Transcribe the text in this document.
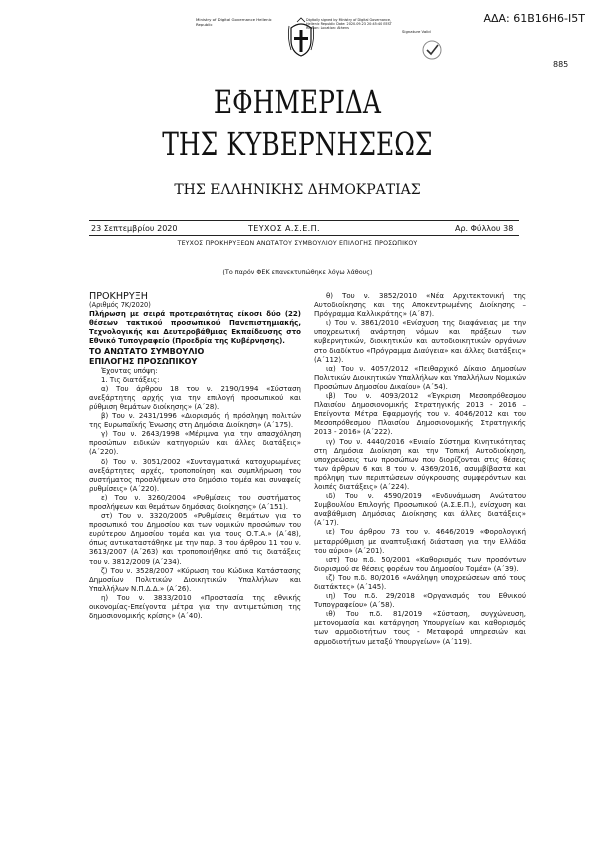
ΑΔΑ: 61Β16Η6-Ι5Τ
885
Ministry of Digital Governance Hellenic Republic
Digitally signed by Ministry of Digital Governance, Hellenic Republic Date: 2020.09.23 20:45:40 EEST Reason: Location: Athens
Signature Valid
ΕΦΗΜΕΡΙΔΑ
ΤΗΣ ΚΥΒΕΡΝΗΣΕΩΣ
ΤΗΣ ΕΛΛΗΝΙΚΗΣ ΔΗΜΟΚΡΑΤΙΑΣ
23 Σεπτεμβρίου 2020	ΤΕΥΧΟΣ Α.Σ.Ε.Π.	Αρ. Φύλλου 38
ΤΕΥΧΟΣ ΠΡΟΚΗΡΥΞΕΩΝ ΑΝΩΤΑΤΟΥ ΣΥΜΒΟΥΛΙΟΥ ΕΠΙΛΟΓΗΣ ΠΡΟΣΩΠΙΚΟΥ
(Το παρόν ΦΕΚ επανεκτυπώθηκε λόγω λάθους)

ΠΡΟΚΗΡΥΞΗ

(Αριθμός 7Κ/2020)

Πλήρωση με σειρά προτεραιότητας είκοσι δύο (22) θέσεων τακτικού προσωπικού Πανεπιστημιακής, Τεχνολογικής και Δευτεροβάθμιας Εκπαίδευσης στο Εθνικό Τυπογραφείο (Προεδρία της Κυβέρνησης).

ΤΟ ΑΝΩΤΑΤΟ ΣΥΜΒΟΥΛΙΟ

ΕΠΙΛΟΓΗΣ ΠΡΟΣΩΠΙΚΟΥ

Έχοντας υπόψη:

1. Τις διατάξεις:

α) Του άρθρου 18 του ν. 2190/1994 «Σύσταση ανεξάρτητης αρχής για την επιλογή προσωπικού και ρύθμιση θεμάτων διοίκησης» (Α΄28).

β) Του ν. 2431/1996 «Διορισμός ή πρόσληψη πολιτών της Ευρωπαϊκής Ένωσης στη Δημόσια Διοίκηση» (Α΄175).

γ) Του ν. 2643/1998 «Μέριμνα για την απασχόληση προσώπων ειδικών κατηγοριών και άλλες διατάξεις» (Α΄220).

δ) Του ν. 3051/2002 «Συνταγματικά κατοχυρωμένες ανεξάρτητες αρχές, τροποποίηση και συμπλήρωση του συστήματος προσλήψεων στο δημόσιο τομέα και συναφείς ρυθμίσεις» (Α΄220).

ε) Του ν. 3260/2004 «Ρυθμίσεις του συστήματος προσλήψεων και θεμάτων δημόσιας διοίκησης» (Α΄151).

στ) Του ν. 3320/2005 «Ρυθμίσεις θεμάτων για το προσωπικό του Δημοσίου και των νομικών προσώπων του ευρύτερου Δημοσίου τομέα και για τους Ο.Τ.Α.» (Α΄48), όπως αντικαταστάθηκε με την παρ. 3 του άρθρου 11 του ν. 3613/2007 (Α΄263) και τροποποιήθηκε από τις διατάξεις του ν. 3812/2009 (Α΄234).

ζ) Του ν. 3528/2007 «Κύρωση του Κώδικα Κατάστασης Δημοσίων Πολιτικών Διοικητικών Υπαλλήλων και Υπαλλήλων Ν.Π.Δ.Δ.» (Α΄26).

η) Του ν. 3833/2010 «Προστασία της εθνικής οικονομίας-Επείγοντα μέτρα για την αντιμετώπιση της δημοσιονομικής κρίσης» (Α΄40).

θ) Του ν. 3852/2010 «Νέα Αρχιτεκτονική της Αυτοδιοίκησης και της Αποκεντρωμένης Διοίκησης – Πρόγραμμα Καλλικράτης» (Α΄87).

ι) Του ν. 3861/2010 «Ενίσχυση της διαφάνειας με την υποχρεωτική ανάρτηση νόμων και πράξεων των κυβερνητικών, διοικητικών και αυτοδιοικητικών οργάνων στο διαδίκτυο «Πρόγραμμα Διαύγεια» και άλλες διατάξεις» (Α΄112).

ια) Του ν. 4057/2012 «Πειθαρχικό Δίκαιο Δημοσίων Πολιτικών Διοικητικών Υπαλλήλων και Υπαλλήλων Νομικών Προσώπων Δημοσίου Δικαίου» (Α΄54).

ιβ) Του ν. 4093/2012 «Έγκριση Μεσοπρόθεσμου Πλαισίου Δημοσιονομικής Στρατηγικής 2013 - 2016 – Επείγοντα Μέτρα Εφαρμογής του ν. 4046/2012 και του Μεσοπρόθεσμου Πλαισίου Δημοσιονομικής Στρατηγικής 2013 - 2016» (Α΄222).

ιγ) Του ν. 4440/2016 «Ενιαίο Σύστημα Κινητικότητας στη Δημόσια Διοίκηση και την Τοπική Αυτοδιοίκηση, υποχρεώσεις των προσώπων που διορίζονται στις θέσεις των άρθρων 6 και 8 του ν. 4369/2016, ασυμβίβαστα και πρόληψη των περιπτώσεων σύγκρουσης συμφερόντων και λοιπές διατάξεις» (Α΄224).

ιδ) Του ν. 4590/2019 «Ενδυνάμωση Ανώτατου Συμβουλίου Επιλογής Προσωπικού (Α.Σ.Ε.Π.), ενίσχυση και αναβάθμιση Δημόσιας Διοίκησης και άλλες διατάξεις» (Α΄17).

ιε) Του άρθρου 73 του ν. 4646/2019 «Φορολογική μεταρρύθμιση με αναπτυξιακή διάσταση για την Ελλάδα του αύριο» (Α΄201).

ιστ) Του π.δ. 50/2001 «Καθορισμός των προσόντων διορισμού σε θέσεις φορέων του Δημοσίου Τομέα» (Α΄39).

ιζ) Του π.δ. 80/2016 «Ανάληψη υποχρεώσεων από τους διατάκτες» (Α΄145).

ιη) Του π.δ. 29/2018 «Οργανισμός του Εθνικού Τυπογραφείου» (Α΄58).

ιθ) Του π.δ. 81/2019 «Σύσταση, συγχώνευση, μετονομασία και κατάργηση Υπουργείων και καθορισμός των αρμοδιοτήτων τους - Μεταφορά υπηρεσιών και αρμοδιοτήτων μεταξύ Υπουργείων» (Α΄119).
